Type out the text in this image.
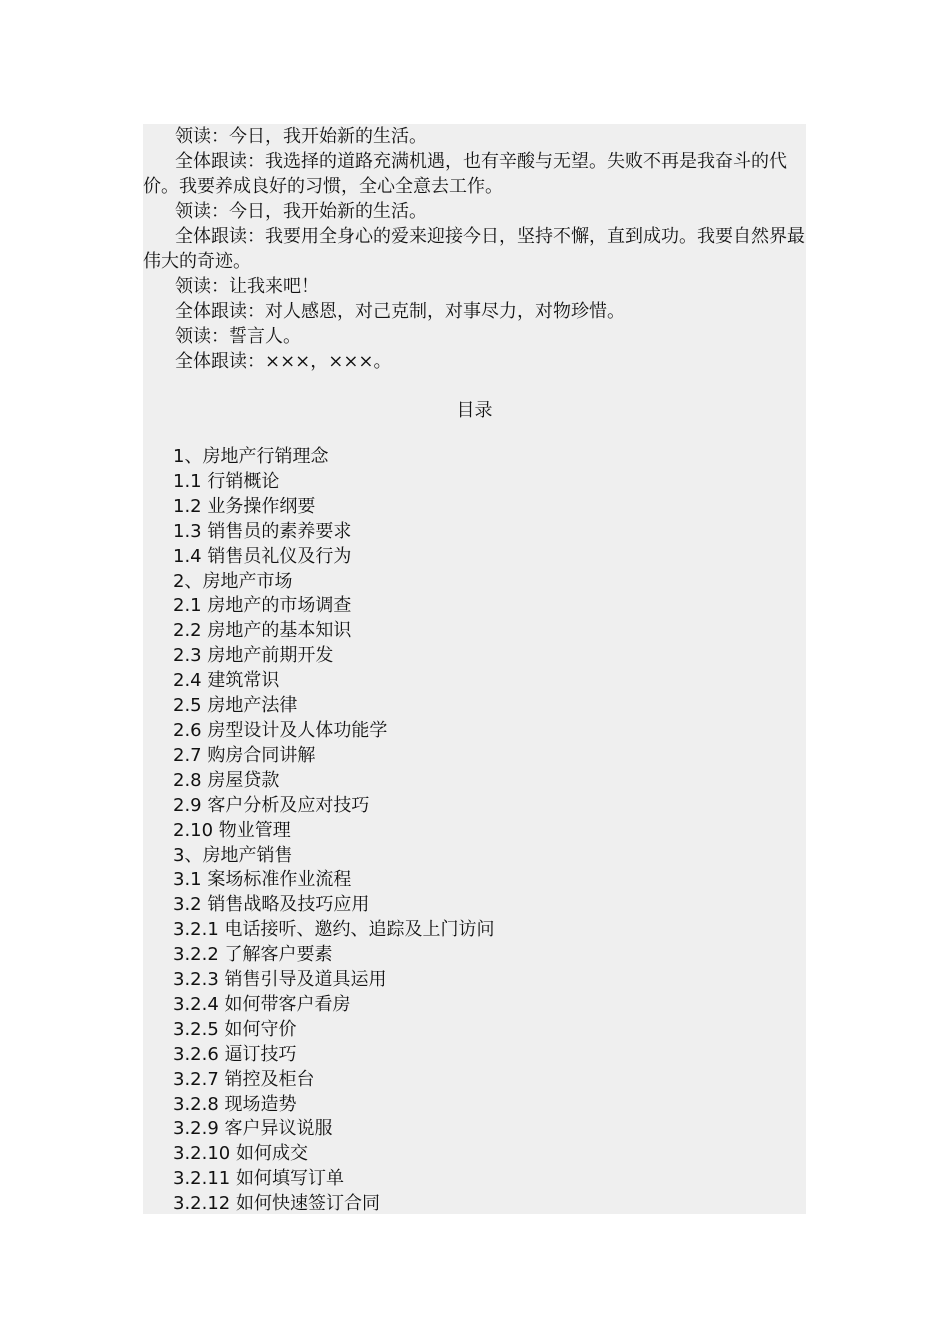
领读：今日，我开始新的生活。

全体跟读：我选择的道路充满机遇，也有辛酸与无望。失败不再是我奋斗的代价。我要养成良好的习惯，全心全意去工作。

领读：今日，我开始新的生活。

全体跟读：我要用全身心的爱来迎接今日，坚持不懈，直到成功。我要自然界最伟大的奇迹。

领读：让我来吧！

全体跟读：对人感恩，对己克制，对事尽力，对物珍惜。

领读：誓言人。

全体跟读：×××，×××。

目录
1、房地产行销理念
1.1 行销概论
1.2 业务操作纲要
1.3 销售员的素养要求
1.4 销售员礼仪及行为
2、房地产市场
2.1 房地产的市场调查
2.2 房地产的基本知识
2.3 房地产前期开发
2.4 建筑常识
2.5 房地产法律
2.6 房型设计及人体功能学
2.7 购房合同讲解
2.8 房屋贷款
2.9 客户分析及应对技巧
2.10 物业管理
3、房地产销售
3.1 案场标准作业流程
3.2 销售战略及技巧应用
3.2.1 电话接听、邀约、追踪及上门访问
3.2.2 了解客户要素
3.2.3 销售引导及道具运用
3.2.4 如何带客户看房
3.2.5 如何守价
3.2.6 逼订技巧
3.2.7 销控及柜台
3.2.8 现场造势
3.2.9 客户异议说服
3.2.10 如何成交
3.2.11 如何填写订单
3.2.12 如何快速签订合同
